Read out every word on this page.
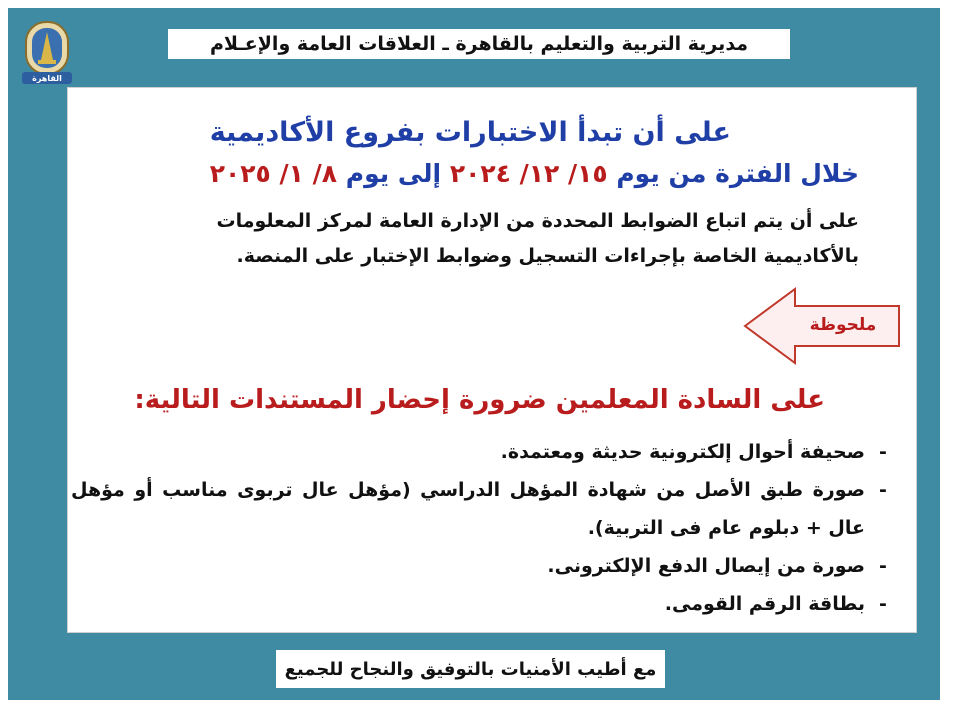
القاهرة
مديرية التربية والتعليم بالقاهرة ـ العلاقات العامة والإعـلام
على أن تبدأ الاختبارات بفروع الأكاديمية
خلال الفترة من يوم ١٥/ ١٢/ ٢٠٢٤ إلى يوم ٨/ ١/ ٢٠٢٥
على أن يتم اتباع الضوابط المحددة من الإدارة العامة لمركز المعلومات
بالأكاديمية الخاصة بإجراءات التسجيل وضوابط الإختبار على المنصة.
ملحوظة
على السادة المعلمين ضرورة إحضار المستندات التالية:
-
صحيفة أحوال إلكترونية حديثة ومعتمدة.
-
صورة طبق الأصل من شهادة المؤهل الدراسي (مؤهل عال تربوى مناسب أو مؤهل عال + دبلوم عام فى التربية).
-
صورة من إيصال الدفع الإلكترونى.
-
بطاقة الرقم القومى.
مع أطيب الأمنيات بالتوفيق والنجاح للجميع
